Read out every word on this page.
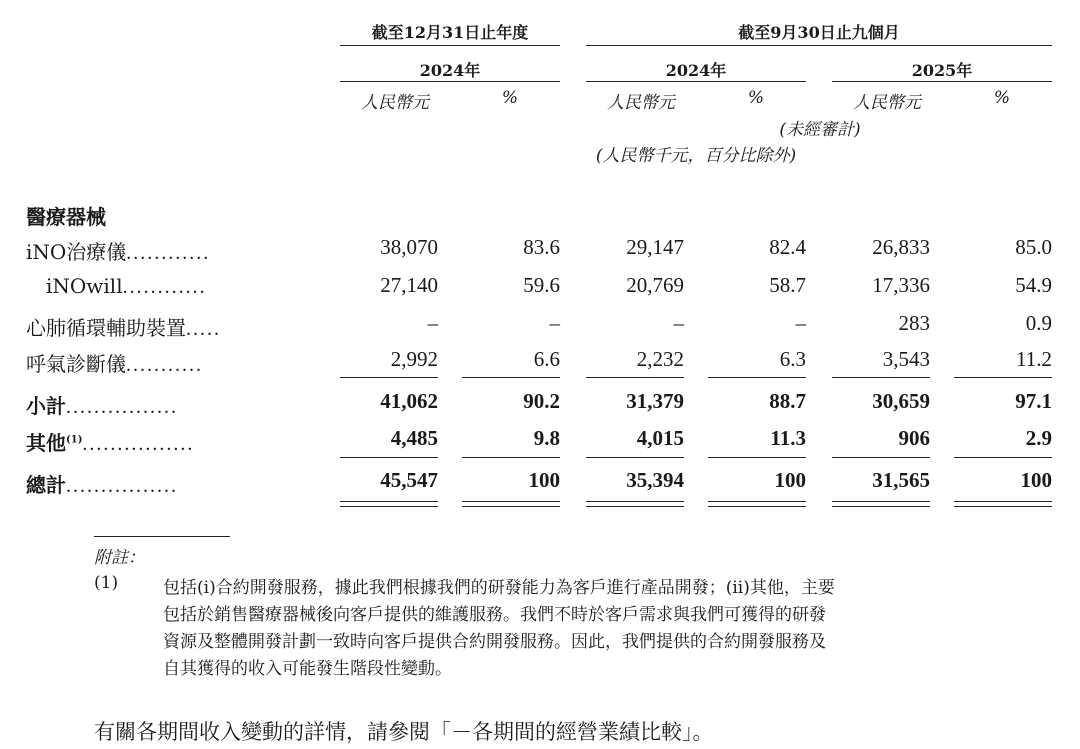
截至12月31日止年度	截至9月30日止九個月
2024年	2024年	2025年
人民幣元	%	人民幣元	%	人民幣元	%
(未經審計)
(人民幣千元，百分比除外)
醫療器械
iNO治療儀............	38,070	83.6	29,147	82.4	26,833	85.0
iNOwill............	27,140	59.6	20,769	58.7	17,336	54.9
心肺循環輔助裝置.....	–	–	–	–	283	0.9
呼氣診斷儀...........	2,992	6.6	2,232	6.3	3,543	11.2
小計................	41,062	90.2	31,379	88.7	30,659	97.1
其他$^{(1)}$................	4,485	9.8	4,015	11.3	906	2.9
總計................	45,547	100	35,394	100	31,565	100
附註：
(1)	包括(i)合約開發服務，據此我們根據我們的研發能力為客戶進行產品開發；(ii)其他，主要
包括於銷售醫療器械後向客戶提供的維護服務。我們不時於客戶需求與我們可獲得的研發
資源及整體開發計劃一致時向客戶提供合約開發服務。因此，我們提供的合約開發服務及
自其獲得的收入可能發生階段性變動。
有關各期間收入變動的詳情，請參閱「－各期間的經營業績比較」。
